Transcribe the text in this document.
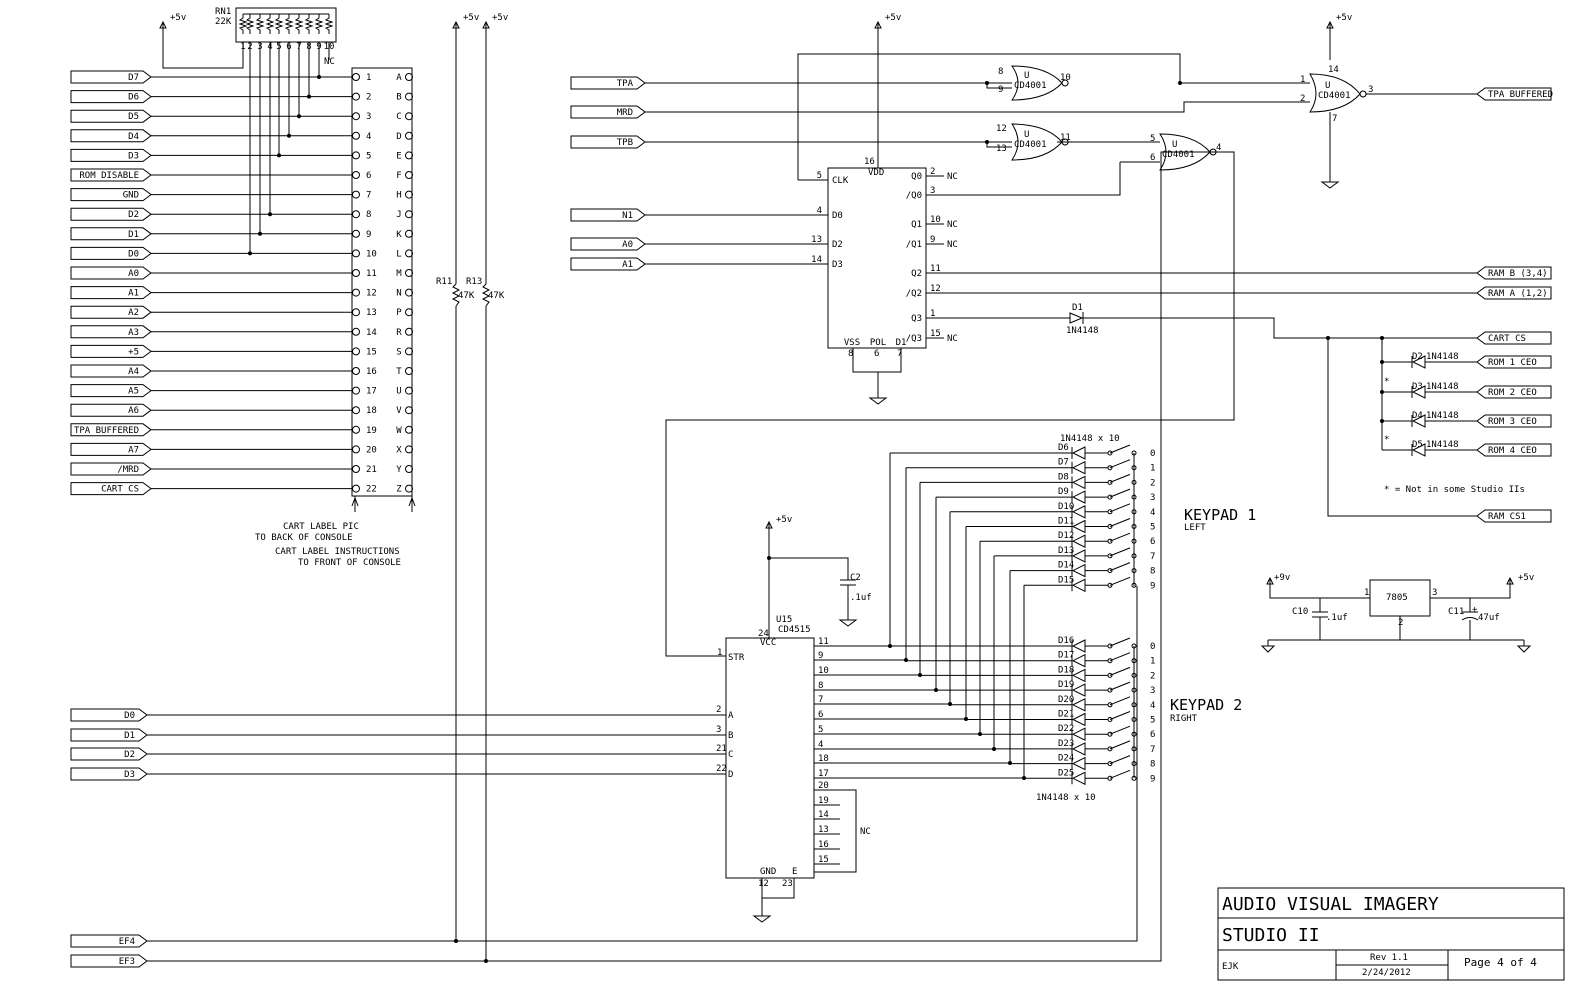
1 2 3 4 5 6 7 8 9 10
D7	1	A
D6	2	B
D5	3	C
D4	4	D
D3	5	E
ROM DISABLE	6	F
GND	7	H
D2	8	J
D1	9	K
D0	10 L
A0	11 M
A1	12 N
A2	13 P
A3	14 R
+5	15 S
A4	16 T
A5	17 U
A6	18 V
TPA BUFFERED	19 W
A7	20 X
/MRD	21 Y
CART CS	22 Z
EF4
EF3
TPA
MRD
TPB
N1
A0
A1
5 CLK
4 D0
13 D2
14 D3
Q0 2 NC
/Q0 3
Q1 10 NC
/Q1 9 NC
Q2 11
/Q2 12
Q3 1
/Q3 15 NC
VSS
8
POL
6
D1
7
TPA BUFFERED
RAM B (3,4)
RAM A (1,2)
CART CS
ROM 1 CEO
ROM 2 CEO
ROM 3 CEO
ROM 4 CEO
RAM CS1
D2 1N4148
D3 1N4148
*
D4 1N4148
D5 1N4148
*
D6
0
D7
1
D8
2
D9
3
D10
4
D11
5
D12
6
D13
7
D14
8
D15
9
D16
0
D17
1
D18
2
D19
3
D20
4
D21
5
D22
6
D23
7
D24
8
D25
9
11
9
10
8
7
6
5
4
18
17
2
A
3
B
21
C
22
D
D0
D1
D2
D3
20
19
14
13
16
15
+5v
RN1
22K
NC
+5v +5v
R11
47K
R13
47K
CART LABEL PIC
TO BACK OF CONSOLE
CART LABEL INSTRUCTIONS
TO FRONT OF CONSOLE
+5v
16
VDD
D1
1N4148
+5v
14
7
1
2
3
U
CD4001
8
9
10
U
CD4001
12
13
11
U
CD4001
5
6
4
U
CD4001
* = Not in some Studio IIs
KEYPAD 1
LEFT
1N4148 x 10
KEYPAD 2
RIGHT
1N4148 x 10
+5v
U15
CD4515
24
VCC
GND
12
E
23
STR
1
NC
C2
.1uf
+9v	+5v
7805
1	3
2
C10
.1uf
C11 +
47uf
AUDIO VISUAL IMAGERY
STUDIO II
EJK
Rev 1.1
2/24/2012
Page 4 of 4
